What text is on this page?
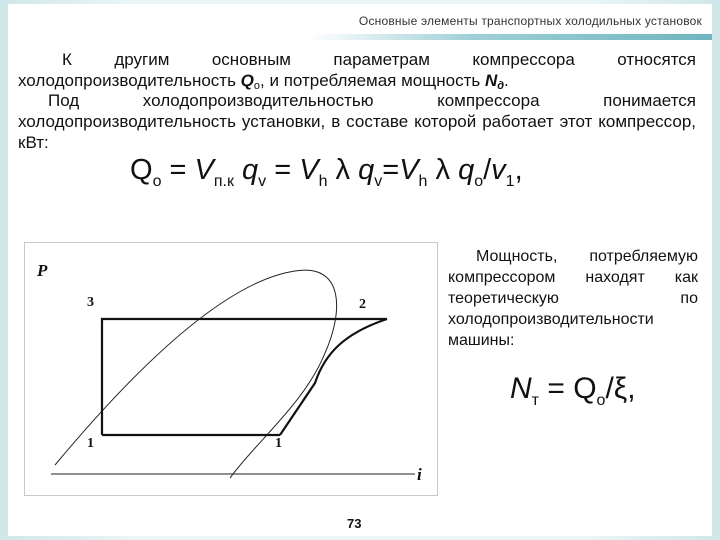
Основные элементы транспортных холодильных установок
К другим основным параметрам компрессора относятся холодопроизводительность $Q_o$, и потребляемая мощность $N_д$.
Под холодопроизводительностью компрессора понимается холодопроизводительность установки, в составе которой работает этот компрессор, кВт:
$Q_o = V_{п.к}$ $q_v = V_h$ λ $q_v=V_h$ λ $q_o/v_1$,
P
i
3	2
1	1
Мощность, потребляемую компрессором находят как теоретическую по холодопроизводительности машины:
$N_т = Q_o/\xi$,
73
